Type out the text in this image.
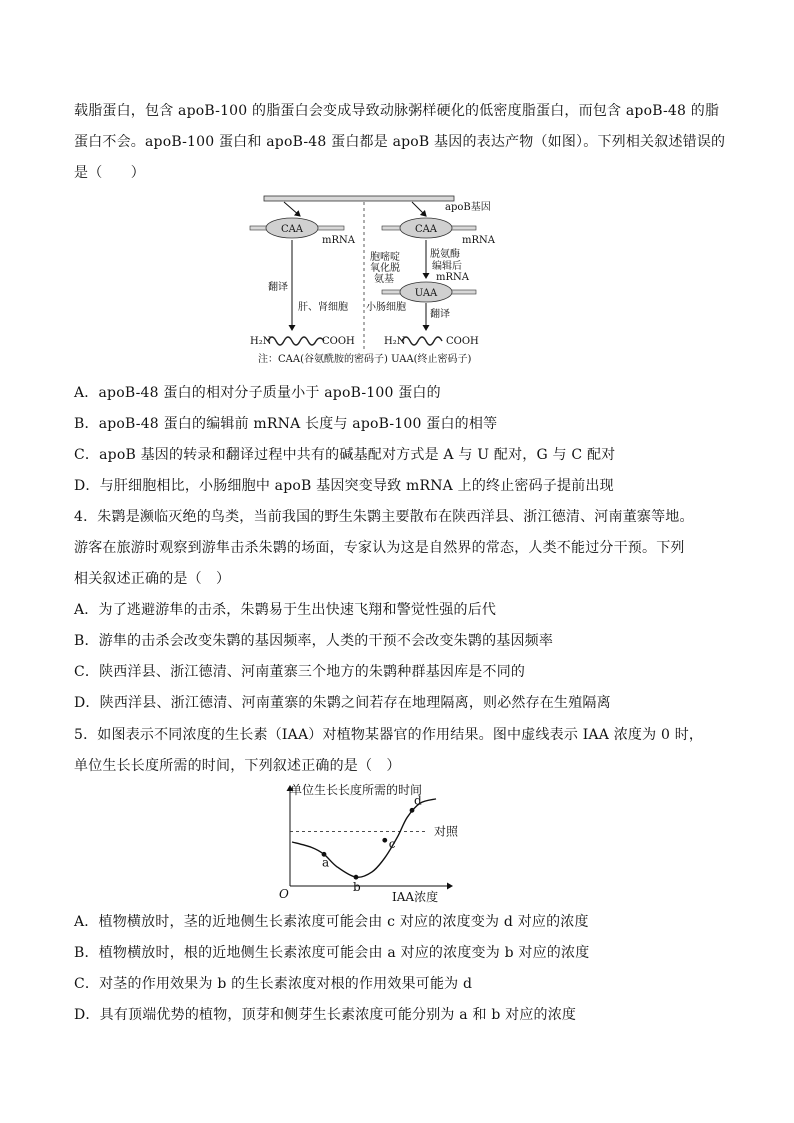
载脂蛋白，包含 apoB-100 的脂蛋白会变成导致动脉粥样硬化的低密度脂蛋白，而包含 apoB-48 的脂
蛋白不会。apoB-100 蛋白和 apoB-48 蛋白都是 apoB 基因的表达产物（如图）。下列相关叙述错误的
是（　　）
apoB基因
CAA
mRNA
CAA
mRNA
翻译
肝、肾细胞
胞嘧啶
氧化脱
氨基
脱氨酶
编辑后
mRNA
UAA
小肠细胞
翻译
H₂N	COOH	H₂N	COOH
注：CAA(谷氨酰胺的密码子) UAA(终止密码子)
A．apoB-48 蛋白的相对分子质量小于 apoB-100 蛋白的
B．apoB-48 蛋白的编辑前 mRNA 长度与 apoB-100 蛋白的相等
C．apoB 基因的转录和翻译过程中共有的碱基配对方式是 A 与 U 配对，G 与 C 配对
D．与肝细胞相比，小肠细胞中 apoB 基因突变导致 mRNA 上的终止密码子提前出现
4．朱鹮是濒临灭绝的鸟类，当前我国的野生朱鹮主要散布在陕西洋县、浙江德清、河南董寨等地。
游客在旅游时观察到游隼击杀朱鹮的场面，专家认为这是自然界的常态，人类不能过分干预。下列
相关叙述正确的是（　）
A．为了逃避游隼的击杀，朱鹮易于生出快速飞翔和警觉性强的后代
B．游隼的击杀会改变朱鹮的基因频率，人类的干预不会改变朱鹮的基因频率
C．陕西洋县、浙江德清、河南董寨三个地方的朱鹮种群基因库是不同的
D．陕西洋县、浙江德清、河南董寨的朱鹮之间若存在地理隔离，则必然存在生殖隔离
5．如图表示不同浓度的生长素（IAA）对植物某器官的作用结果。图中虚线表示 IAA 浓度为 0 时，
单位生长长度所需的时间，下列叙述正确的是（　）
单位生长长度所需的时间
IAA浓度
O
对照
a
b
c
d
A．植物横放时，茎的近地侧生长素浓度可能会由 c 对应的浓度变为 d 对应的浓度
B．植物横放时，根的近地侧生长素浓度可能会由 a 对应的浓度变为 b 对应的浓度
C．对茎的作用效果为 b 的生长素浓度对根的作用效果可能为 d
D．具有顶端优势的植物，顶芽和侧芽生长素浓度可能分别为 a 和 b 对应的浓度
